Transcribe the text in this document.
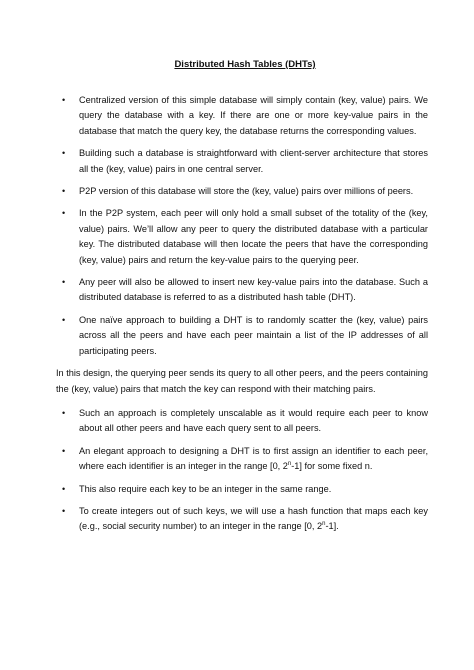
Distributed Hash Tables (DHTs)
• Centralized version of this simple database will simply contain (key, value) pairs. We query the database with a key. If there are one or more key-value pairs in the database that match the query key, the database returns the corresponding values.
• Building such a database is straightforward with client-server architecture that stores all the (key, value) pairs in one central server.
• P2P version of this database will store the (key, value) pairs over millions of peers.
• In the P2P system, each peer will only hold a small subset of the totality of the (key, value) pairs. We’ll allow any peer to query the distributed database with a particular key. The distributed database will then locate the peers that have the corresponding (key, value) pairs and return the key-value pairs to the querying peer.
• Any peer will also be allowed to insert new key-value pairs into the database. Such a distributed database is referred to as a distributed hash table (DHT).
• One naïve approach to building a DHT is to randomly scatter the (key, value) pairs across all the peers and have each peer maintain a list of the IP addresses of all participating peers.

In this design, the querying peer sends its query to all other peers, and the peers containing the (key, value) pairs that match the key can respond with their matching pairs.

• Such an approach is completely unscalable as it would require each peer to know about all other peers and have each query sent to all peers.
• An elegant approach to designing a DHT is to first assign an identifier to each peer, where each identifier is an integer in the range [0, 2$^n$-1] for some fixed n.
• This also require each key to be an integer in the same range.
• To create integers out of such keys, we will use a hash function that maps each key (e.g., social security number) to an integer in the range [0, 2$^n$-1].
